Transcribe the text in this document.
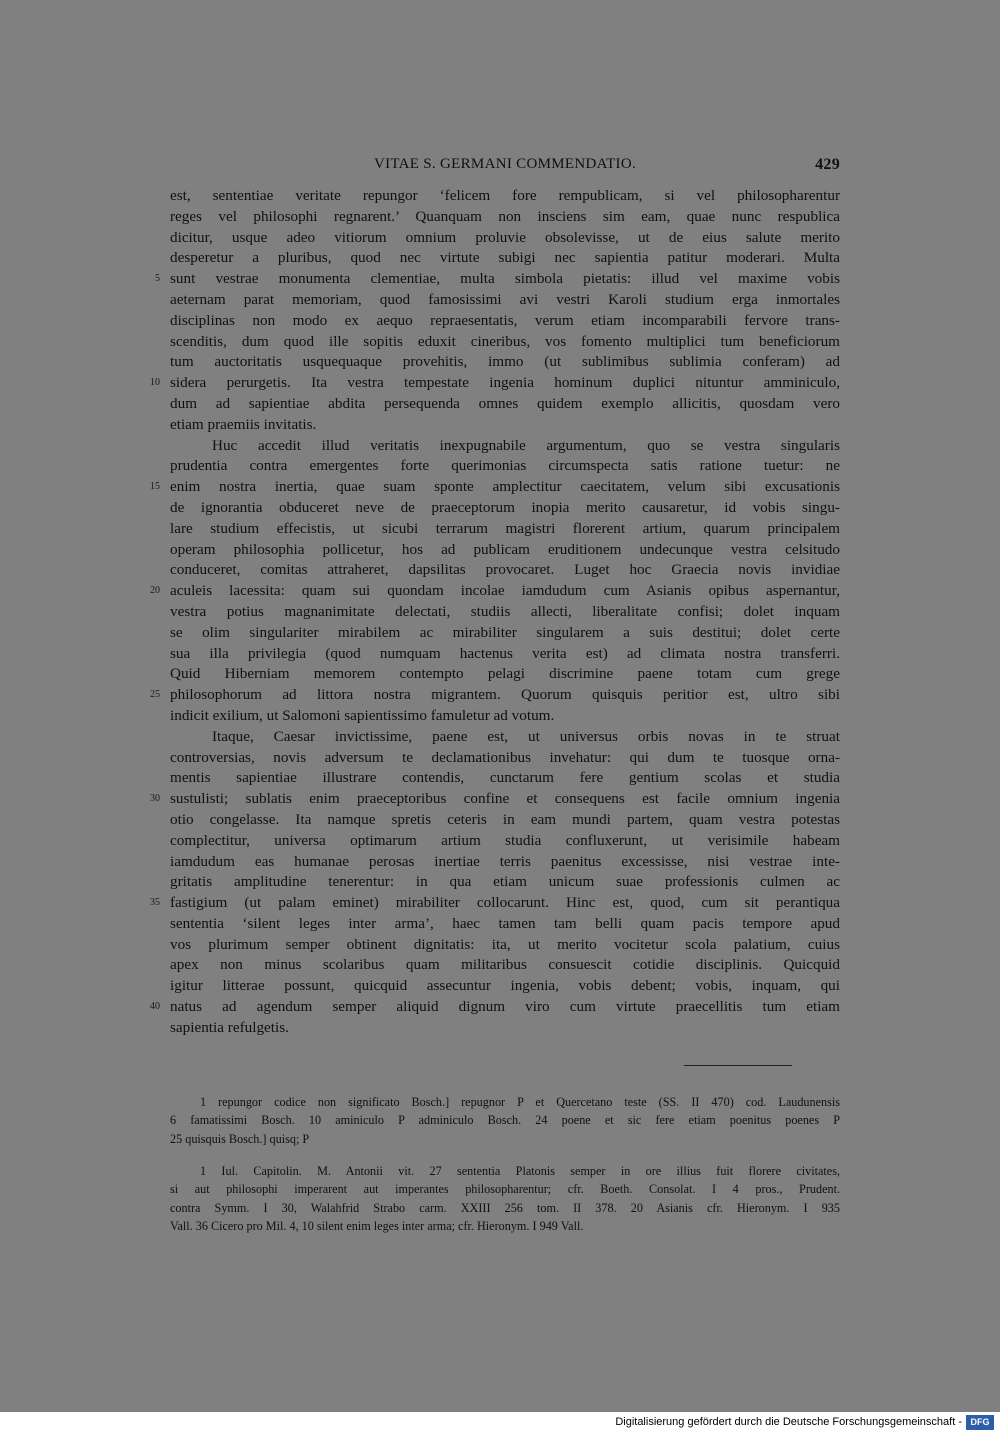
VITAE S. GERMANI COMMENDATIO.	429
est, sententiae veritate repungor ‘felicem fore rempublicam, si vel philosopharentur
reges vel philosophi regnarent.’ Quanquam non insciens sim eam, quae nunc respublica
dicitur, usque adeo vitiorum omnium proluvie obsolevisse, ut de eius salute merito
desperetur a pluribus, quod nec virtute subigi nec sapientia patitur moderari. Multa
5 sunt vestrae monumenta clementiae, multa simbola pietatis: illud vel maxime vobis
aeternam parat memoriam, quod famosissimi avi vestri Karoli studium erga inmortales
disciplinas non modo ex aequo repraesentatis, verum etiam incomparabili fervore trans-
scenditis, dum quod ille sopitis eduxit cineribus, vos fomento multiplici tum beneficiorum
tum auctoritatis usquequaque provehitis, immo (ut sublimibus sublimia conferam) ad
10 sidera perurgetis. Ita vestra tempestate ingenia hominum duplici nituntur amminiculo,
dum ad sapientiae abdita persequenda omnes quidem exemplo allicitis, quosdam vero
etiam praemiis invitatis.
Huc accedit illud veritatis inexpugnabile argumentum, quo se vestra singularis
prudentia contra emergentes forte querimonias circumspecta satis ratione tuetur: ne
15 enim nostra inertia, quae suam sponte amplectitur caecitatem, velum sibi excusationis
de ignorantia obduceret neve de praeceptorum inopia merito causaretur, id vobis singu-
lare studium effecistis, ut sicubi terrarum magistri florerent artium, quarum principalem
operam philosophia pollicetur, hos ad publicam eruditionem undecunque vestra celsitudo
conduceret, comitas attraheret, dapsilitas provocaret. Luget hoc Graecia novis invidiae
20 aculeis lacessita: quam sui quondam incolae iamdudum cum Asianis opibus aspernantur,
vestra potius magnanimitate delectati, studiis allecti, liberalitate confisi; dolet inquam
se olim singulariter mirabilem ac mirabiliter singularem a suis destitui; dolet certe
sua illa privilegia (quod numquam hactenus verita est) ad climata nostra transferri.
Quid Hiberniam memorem contempto pelagi discrimine paene totam cum grege
25 philosophorum ad littora nostra migrantem. Quorum quisquis peritior est, ultro sibi
indicit exilium, ut Salomoni sapientissimo famuletur ad votum.
Itaque, Caesar invictissime, paene est, ut universus orbis novas in te struat
controversias, novis adversum te declamationibus invehatur: qui dum te tuosque orna-
mentis sapientiae illustrare contendis, cunctarum fere gentium scolas et studia
30 sustulisti; sublatis enim praeceptoribus confine et consequens est facile omnium ingenia
otio congelasse. Ita namque spretis ceteris in eam mundi partem, quam vestra potestas
complectitur, universa optimarum artium studia confluxerunt, ut verisimile habeam
iamdudum eas humanae perosas inertiae terris paenitus excessisse, nisi vestrae inte-
gritatis amplitudine tenerentur: in qua etiam unicum suae professionis culmen ac
35 fastigium (ut palam eminet) mirabiliter collocarunt. Hinc est, quod, cum sit perantiqua
sententia ‘silent leges inter arma’, haec tamen tam belli quam pacis tempore apud
vos plurimum semper obtinent dignitatis: ita, ut merito vocitetur scola palatium, cuius
apex non minus scolaribus quam militaribus consuescit cotidie disciplinis. Quicquid
igitur litterae possunt, quicquid assecuntur ingenia, vobis debent; vobis, inquam, qui
40 natus ad agendum semper aliquid dignum viro cum virtute praecellitis tum etiam
sapientia refulgetis.
1 repungor codice non significato Bosch.] repugnor P et Quercetano teste (SS. II 470) cod. Laudunensis
6 famatissimi Bosch. 10 aminiculo P adminiculo Bosch. 24 poene et sic fere etiam poenitus poenes P
25 quisquis Bosch.] quisq; P
1 Iul. Capitolin. M. Antonii vit. 27 sententia Platonis semper in ore illius fuit florere civitates,
si aut philosophi imperarent aut imperantes philosopharentur; cfr. Boeth. Consolat. I 4 pros., Prudent.
contra Symm. I 30, Walahfrid Strabo carm. XXIII 256 tom. II 378. 20 Asianis cfr. Hieronym. I 935
Vall. 36 Cicero pro Mil. 4, 10 silent enim leges inter arma; cfr. Hieronym. I 949 Vall.
Digitalisierung gefördert durch die Deutsche Forschungsgemeinschaft - DFG
